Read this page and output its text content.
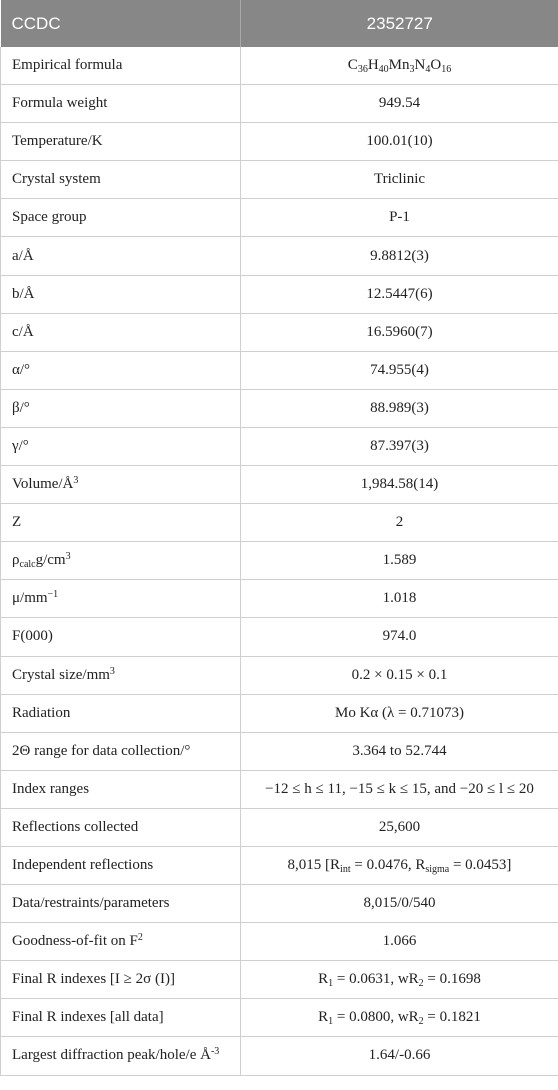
CCDC	2352727
Empirical formula	$C_{36}H_{40}Mn_3N_4O_{16}$
Formula weight	949.54
Temperature/K	100.01(10)
Crystal system	Triclinic
Space group	P-1
a/Å	9.8812(3)
b/Å	12.5447(6)
c/Å	16.5960(7)
α/°	74.955(4)
β/°	88.989(3)
γ/°	87.397(3)
Volume/$Å^3$	1,984.58(14)
Z	2
$\rho_{calc}g/cm^3$	1.589
$\mu/mm^{-1}$	1.018
F(000)	974.0
Crystal size/$mm^3$	0.2 × 0.15 × 0.1
Radiation	Mo Kα (λ = 0.71073)
2Θ range for data collection/°	3.364 to 52.744
Index ranges	−12 ≤ h ≤ 11, −15 ≤ k ≤ 15, and −20 ≤ l ≤ 20
Reflections collected	25,600
Independent reflections	8,015 [$R_{int} = 0.0476$, $R_{sigma} = 0.0453$]
Data/restraints/parameters	8,015/0/540
Goodness-of-fit on $F^2$	1.066
Final R indexes [I ≥ 2σ (I)]	$R_1 = 0.0631$, $wR_2 = 0.1698$
Final R indexes [all data]	$R_1 = 0.0800$, $wR_2 = 0.1821$
Largest diffraction peak/hole/e $Å^{-3}$	1.64/-0.66
